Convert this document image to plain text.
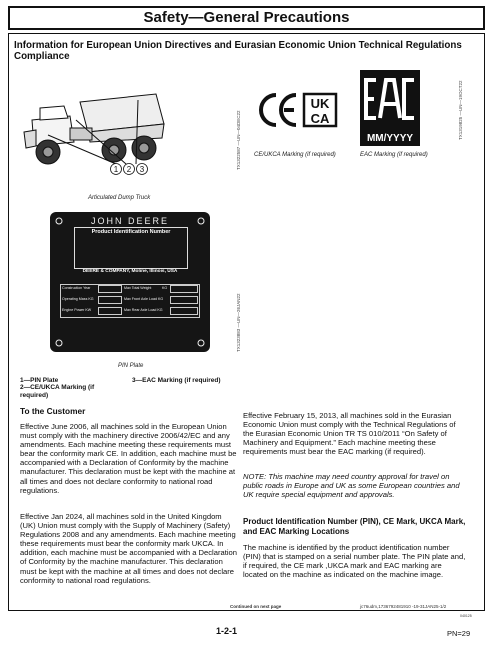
Safety—General Precautions
Information for European Union Directives and Eurasian Economic Union Technical Regulations Compliance
1 2 3
Articulated Dump Truck
TX1322587 —UN—04DEC22
UK
CA
CE/UKCA Marking (if required)
MM/YYYY
EAC Marking (if required)
TX1319825 —UN—19OCT22
JOHN DEERE
Product Identification Number
DEERE & COMPANY, Moline, Illinois, USA
Construction Year	Max Total Weight	KG
Operating Mass KG	Max Front Axle Load KG
Engine Power KW	Max Rear Axle Load KG
PIN Plate
TX1323883 —UN—26JAN22
1—PIN Plate
2—CE/UKCA Marking (if required)
3—EAC Marking (if required)
To the Customer
Effective June 2006, all machines sold in the European Union must comply with the machinery directive 2006/42/EC and any amendments. Each machine meeting these requirements must bear the conformity mark CE. In addition, each machine must be accompanied with a Declaration of Conformity by the machine manufacturer. This declaration must be kept with the machine at all times and does not declare conformity to national road regulations.
Effective Jan 2024, all machines sold in the United Kingdom (UK) Union must comply with the Supply of Machinery (Safety) Regulations 2008 and any amendments. Each machine meeting these requirements must bear the conformity mark UKCA. In addition, each machine must be accompanied with a Declaration of Conformity by the machine manufacturer. This declaration must be kept with the machine at all times and does not declare conformity to national road regulations.
Effective February 15, 2013, all machines sold in the Eurasian Economic Union must comply with the Technical Regulations of the Eurasian Economic Union TR TS 010/2011 “On Safety of Machinery and Equipment.” Each machine meeting these requirements must bear the EAC marking (if required).
NOTE: This machine may need country approval for travel on public roads in Europe and UK as some European countries and UK require special equipment and approvals.
Product Identification Number (PIN), CE Mark, UKCA Mark, and EAC Marking Locations
The machine is identified by the product identification number (PIN) that is stamped on a serial number plate. The PIN plate and, if required, the CE mark ,UKCA mark and EAC marking are located on the machine as indicated on the machine image.
Continued on next page	jc76udm,1736792481910 -19-31JAN25-1/2
040125
1-2-1	PN=29
